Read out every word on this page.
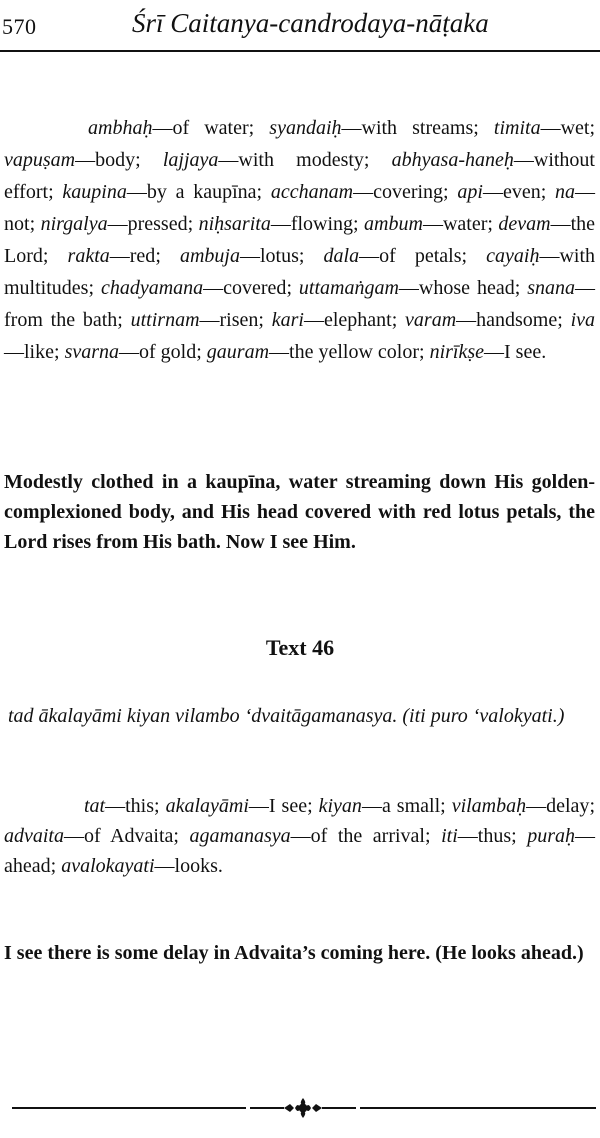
570	Śrī Caitanya-candrodaya-nāṭaka
ambhaḥ—of water; syandaiḥ—with streams; timita—wet; vapuṣam—body; lajjaya—with modesty; abhyasa-haneḥ—without effort; kaupina—by a kaupīna; acchanam—covering; api—even; na—not; nirgalya—pressed; niḥsarita—flowing; ambum—water; devam—the Lord; rakta—red; ambuja—lotus; dala—of petals; cayaiḥ—with multitudes; chadyamana—covered; uttamaṅgam—whose head; snana—from the bath; uttirnam—risen; kari—elephant; varam—handsome; iva—like; svarna—of gold; gauram—the yellow color; nirīkṣe—I see.
Modestly clothed in a kaupīna, water streaming down His golden-complexioned body, and His head covered with red lotus petals, the Lord rises from His bath. Now I see Him.
Text 46
tad ākalayāmi kiyan vilambo ‘dvaitāgamanasya. (iti puro ‘valokyati.)
tat—this; akalayāmi—I see; kiyan—a small; vilambaḥ—delay; advaita—of Advaita; agamanasya—of the arrival; iti—thus; puraḥ—ahead; avalokayati—looks.
I see there is some delay in Advaita’s coming here. (He looks ahead.)
